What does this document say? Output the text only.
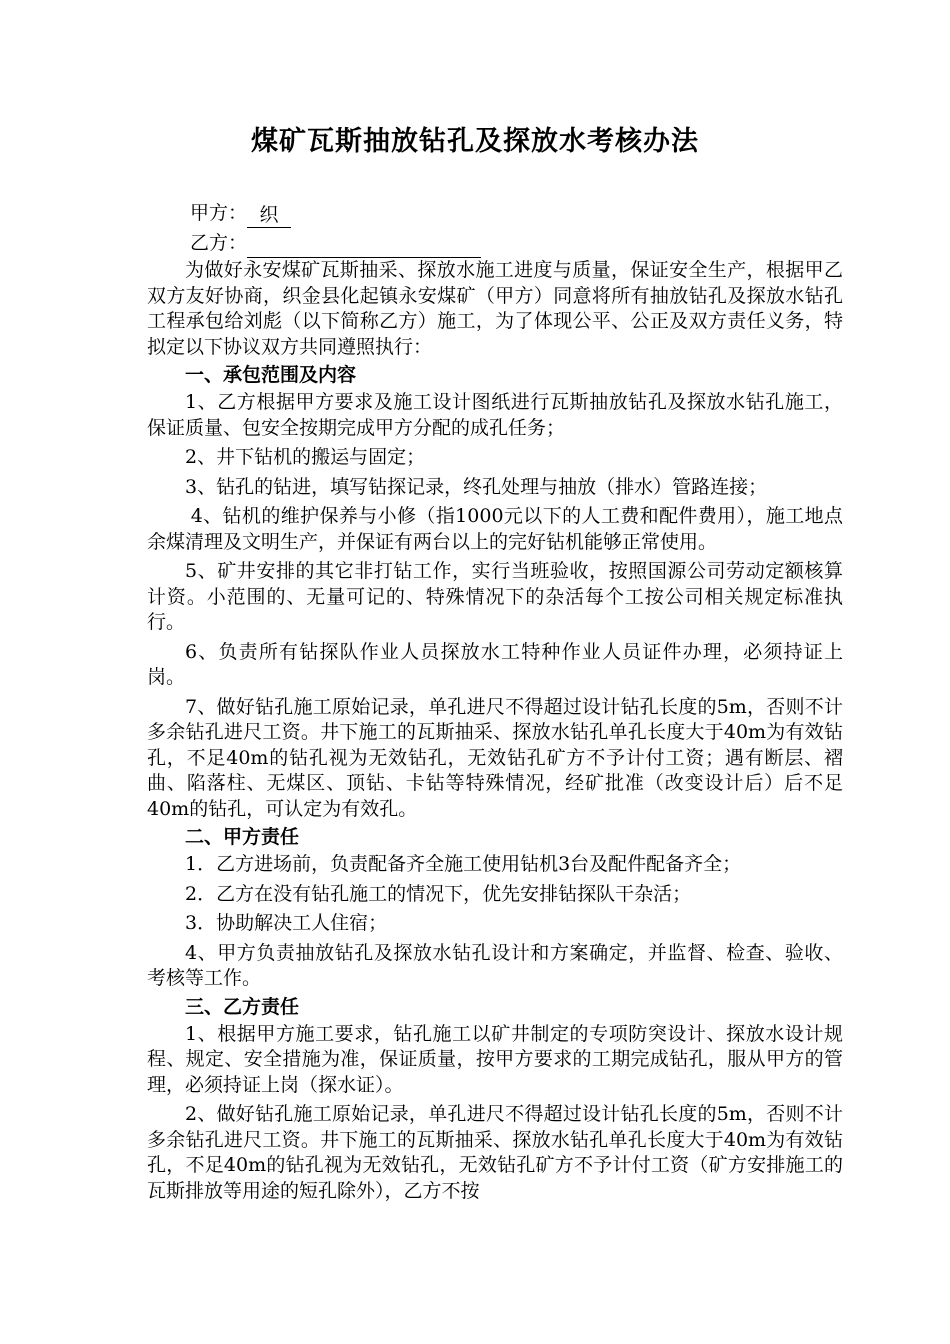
煤矿瓦斯抽放钻孔及探放水考核办法
甲方： 织
乙方：

为做好永安煤矿瓦斯抽采、探放水施工进度与质量，保证安全生产，根据甲乙双方友好协商，织金县化起镇永安煤矿（甲方）同意将所有抽放钻孔及探放水钻孔工程承包给刘彪（以下简称乙方）施工，为了体现公平、公正及双方责任义务，特拟定以下协议双方共同遵照执行：

一、承包范围及内容

1、乙方根据甲方要求及施工设计图纸进行瓦斯抽放钻孔及探放水钻孔施工，保证质量、包安全按期完成甲方分配的成孔任务；

2、井下钻机的搬运与固定；

3、钻孔的钻进，填写钻探记录，终孔处理与抽放（排水）管路连接；

4、钻机的维护保养与小修（指1000元以下的人工费和配件费用），施工地点余煤清理及文明生产，并保证有两台以上的完好钻机能够正常使用。

5、矿井安排的其它非打钻工作，实行当班验收，按照国源公司劳动定额核算计资。小范围的、无量可记的、特殊情况下的杂活每个工按公司相关规定标准执行。

6、负责所有钻探队作业人员探放水工特种作业人员证件办理，必须持证上岗。

7、做好钻孔施工原始记录，单孔进尺不得超过设计钻孔长度的5m，否则不计多余钻孔进尺工资。井下施工的瓦斯抽采、探放水钻孔单孔长度大于40m为有效钻孔，不足40m的钻孔视为无效钻孔，无效钻孔矿方不予计付工资；遇有断层、褶曲、陷落柱、无煤区、顶钻、卡钻等特殊情况，经矿批准（改变设计后）后不足40m的钻孔，可认定为有效孔。

二、甲方责任

1．乙方进场前，负责配备齐全施工使用钻机3台及配件配备齐全；

2．乙方在没有钻孔施工的情况下，优先安排钻探队干杂活；

3．协助解决工人住宿；

4、甲方负责抽放钻孔及探放水钻孔设计和方案确定，并监督、检查、验收、考核等工作。

三、乙方责任

1、根据甲方施工要求，钻孔施工以矿井制定的专项防突设计、探放水设计规程、规定、安全措施为准，保证质量，按甲方要求的工期完成钻孔，服从甲方的管理，必须持证上岗（探水证）。

2、做好钻孔施工原始记录，单孔进尺不得超过设计钻孔长度的5m，否则不计多余钻孔进尺工资。井下施工的瓦斯抽采、探放水钻孔单孔长度大于40m为有效钻孔，不足40m的钻孔视为无效钻孔，无效钻孔矿方不予计付工资（矿方安排施工的瓦斯排放等用途的短孔除外），乙方不按
